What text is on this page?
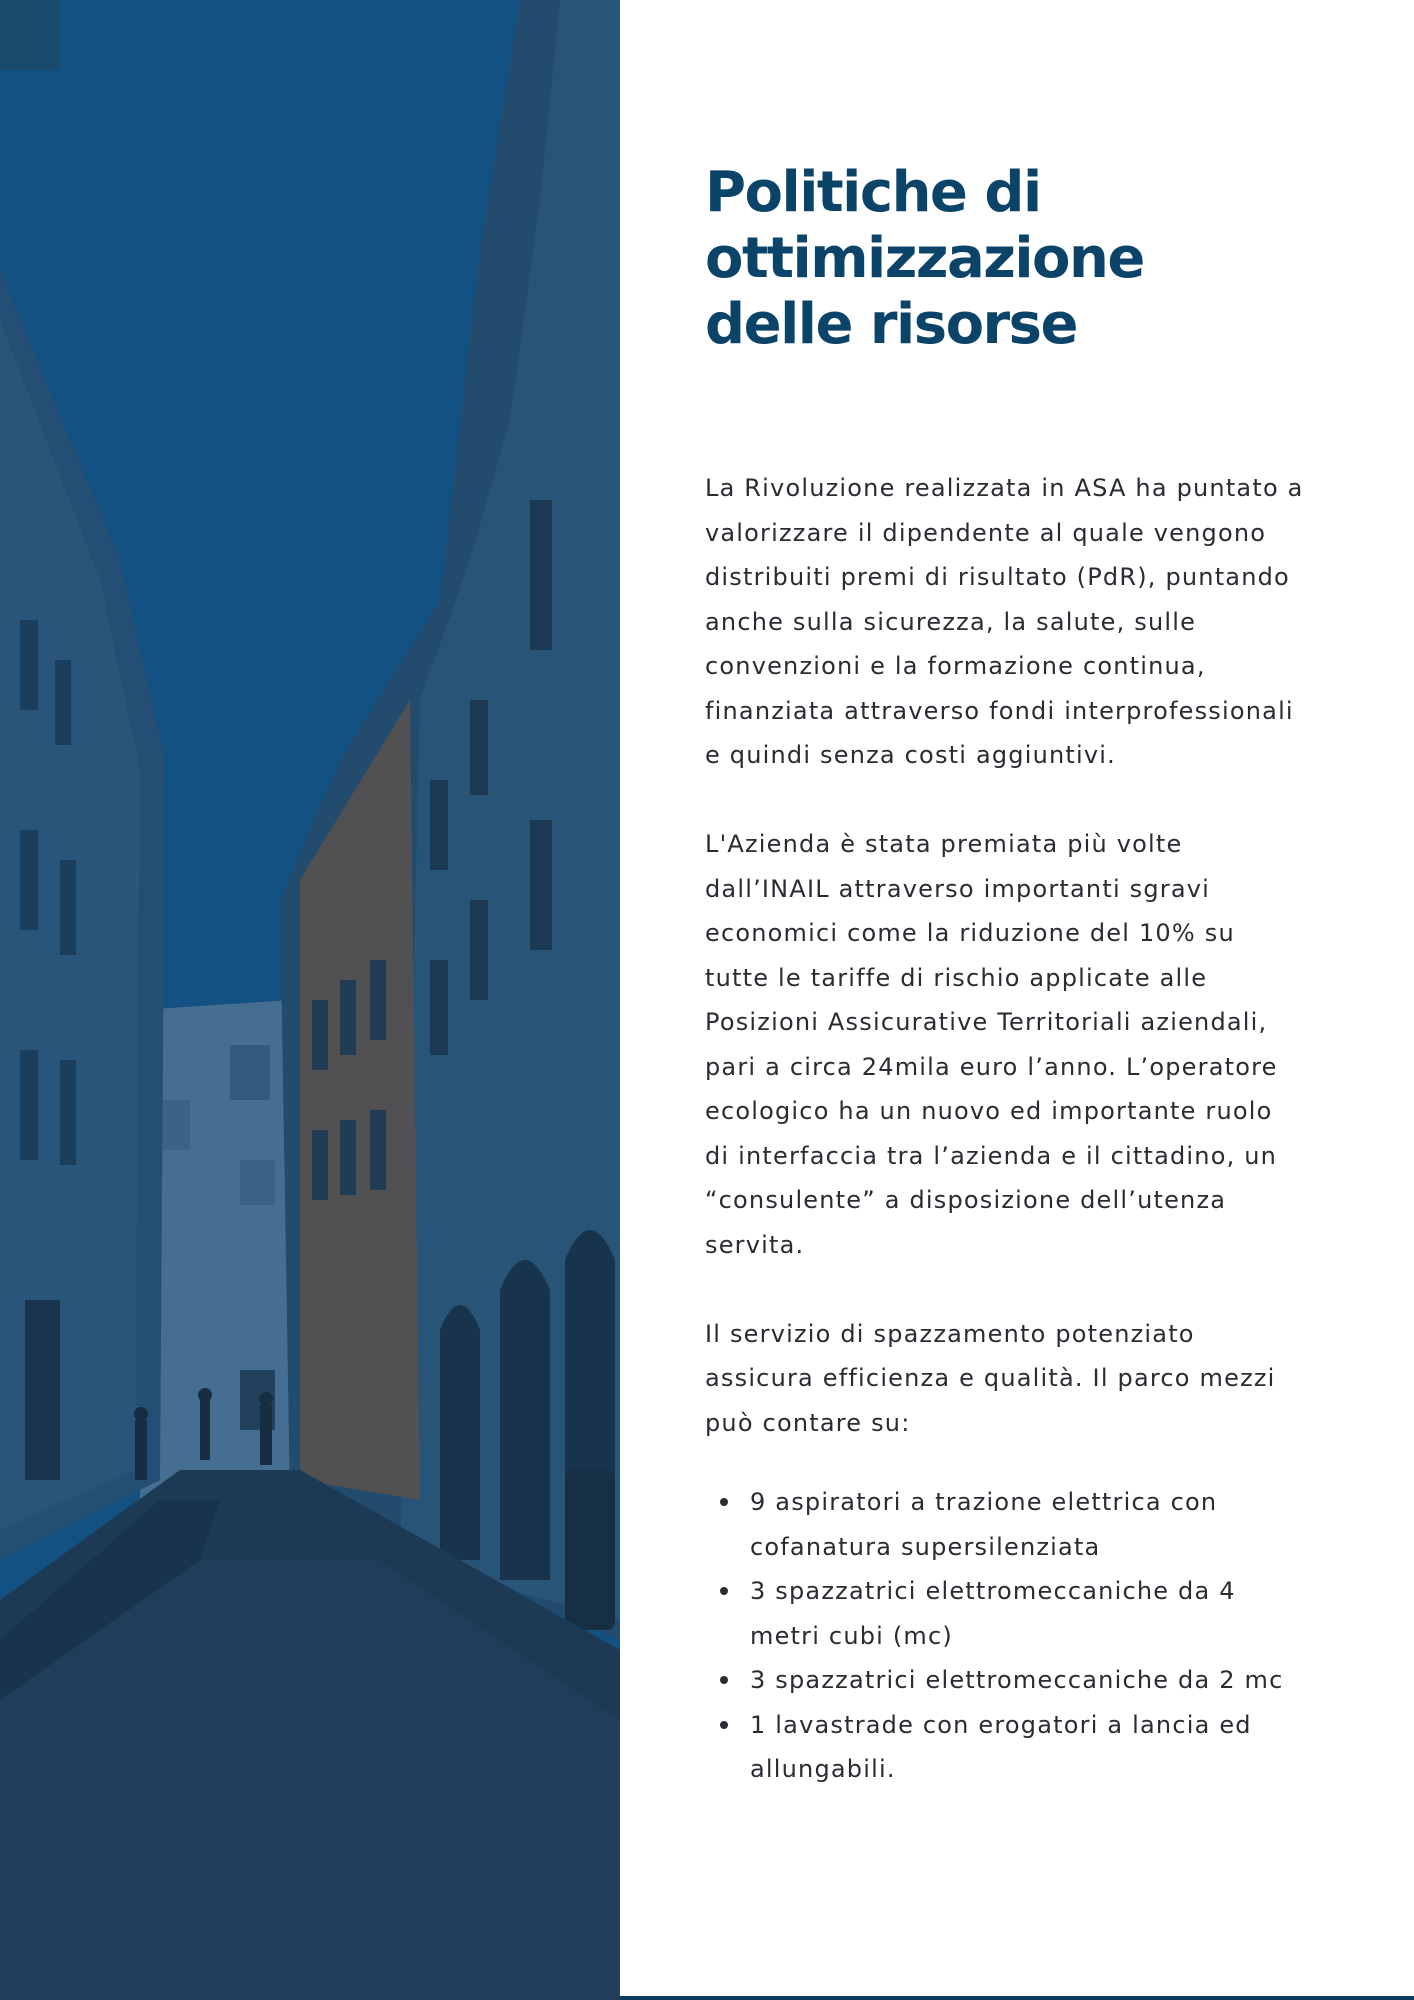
Politiche di ottimizzazione delle risorse

La Rivoluzione realizzata in ASA ha puntato a valorizzare il dipendente al quale vengono distribuiti premi di risultato (PdR), puntando anche sulla sicurezza, la salute, sulle convenzioni e la formazione continua, finanziata attraverso fondi interprofessionali e quindi senza costi aggiuntivi.

L'Azienda è stata premiata più volte dall’INAIL attraverso importanti sgravi economici come la riduzione del 10% su tutte le tariffe di rischio applicate alle Posizioni Assicurative Territoriali aziendali, pari a circa 24mila euro l’anno. L’operatore ecologico ha un nuovo ed importante ruolo di interfaccia tra l’azienda e il cittadino, un “consulente” a disposizione dell’utenza servita.

Il servizio di spazzamento potenziato assicura efficienza e qualità. Il parco mezzi può contare su:

9 aspiratori a trazione elettrica con cofanatura supersilenziata
3 spazzatrici elettromeccaniche da 4 metri cubi (mc)
3 spazzatrici elettromeccaniche da 2 mc
1 lavastrade con erogatori a lancia ed allungabili.
